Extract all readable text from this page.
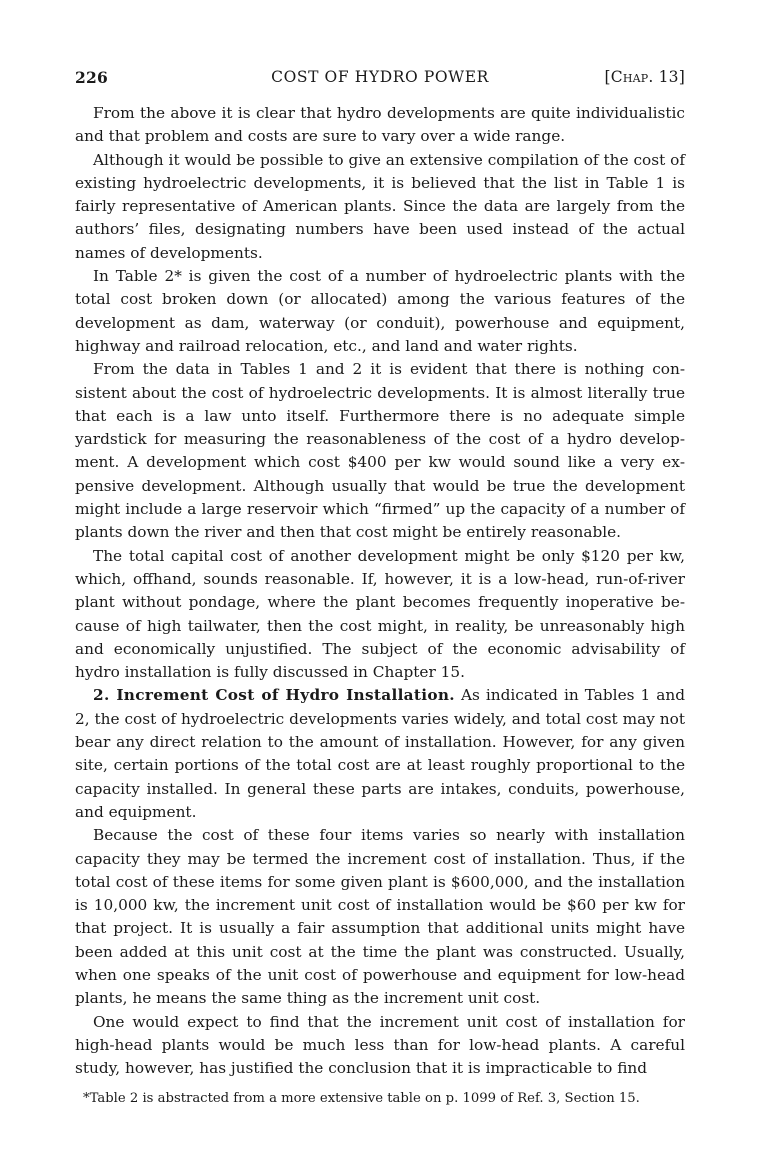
226	COST OF HYDRO POWER	[Chap. 13]

From the above it is clear that hydro developments are quite individualistic and that problem and costs are sure to vary over a wide range.

Although it would be possible to give an extensive compilation of the cost of existing hydroelectric developments, it is believed that the list in Table 1 is fairly representative of American plants. Since the data are largely from the authors’ files, designating numbers have been used instead of the actual names of developments.

In Table 2* is given the cost of a number of hydroelectric plants with the total cost broken down (or allocated) among the various features of the development as dam, waterway (or conduit), powerhouse and equipment, highway and railroad relocation, etc., and land and water rights.

From the data in Tables 1 and 2 it is evident that there is nothing consistent about the cost of hydroelectric developments. It is almost literally true that each is a law unto itself. Furthermore there is no adequate simple yardstick for measuring the reasonableness of the cost of a hydro development. A development which cost $400 per kw would sound like a very expensive development. Although usually that would be true the development might include a large reservoir which “firmed” up the capacity of a number of plants down the river and then that cost might be entirely reasonable.

The total capital cost of another development might be only $120 per kw, which, offhand, sounds reasonable. If, however, it is a low-head, run-of-river plant without pondage, where the plant becomes frequently inoperative because of high tailwater, then the cost might, in reality, be unreasonably high and economically unjustified. The subject of the economic advisability of hydro installation is fully discussed in Chapter 15.

2. Increment Cost of Hydro Installation. As indicated in Tables 1 and 2, the cost of hydroelectric developments varies widely, and total cost may not bear any direct relation to the amount of installation. However, for any given site, certain portions of the total cost are at least roughly proportional to the capacity installed. In general these parts are intakes, conduits, powerhouse, and equipment.

Because the cost of these four items varies so nearly with installation capacity they may be termed the increment cost of installation. Thus, if the total cost of these items for some given plant is $600,000, and the installation is 10,000 kw, the increment unit cost of installation would be $60 per kw for that project. It is usually a fair assumption that additional units might have been added at this unit cost at the time the plant was constructed. Usually, when one speaks of the unit cost of powerhouse and equipment for low-head plants, he means the same thing as the increment unit cost.

One would expect to find that the increment unit cost of installation for high-head plants would be much less than for low-head plants. A careful study, however, has justified the conclusion that it is impracticable to find

*Table 2 is abstracted from a more extensive table on p. 1099 of Ref. 3, Section 15.
